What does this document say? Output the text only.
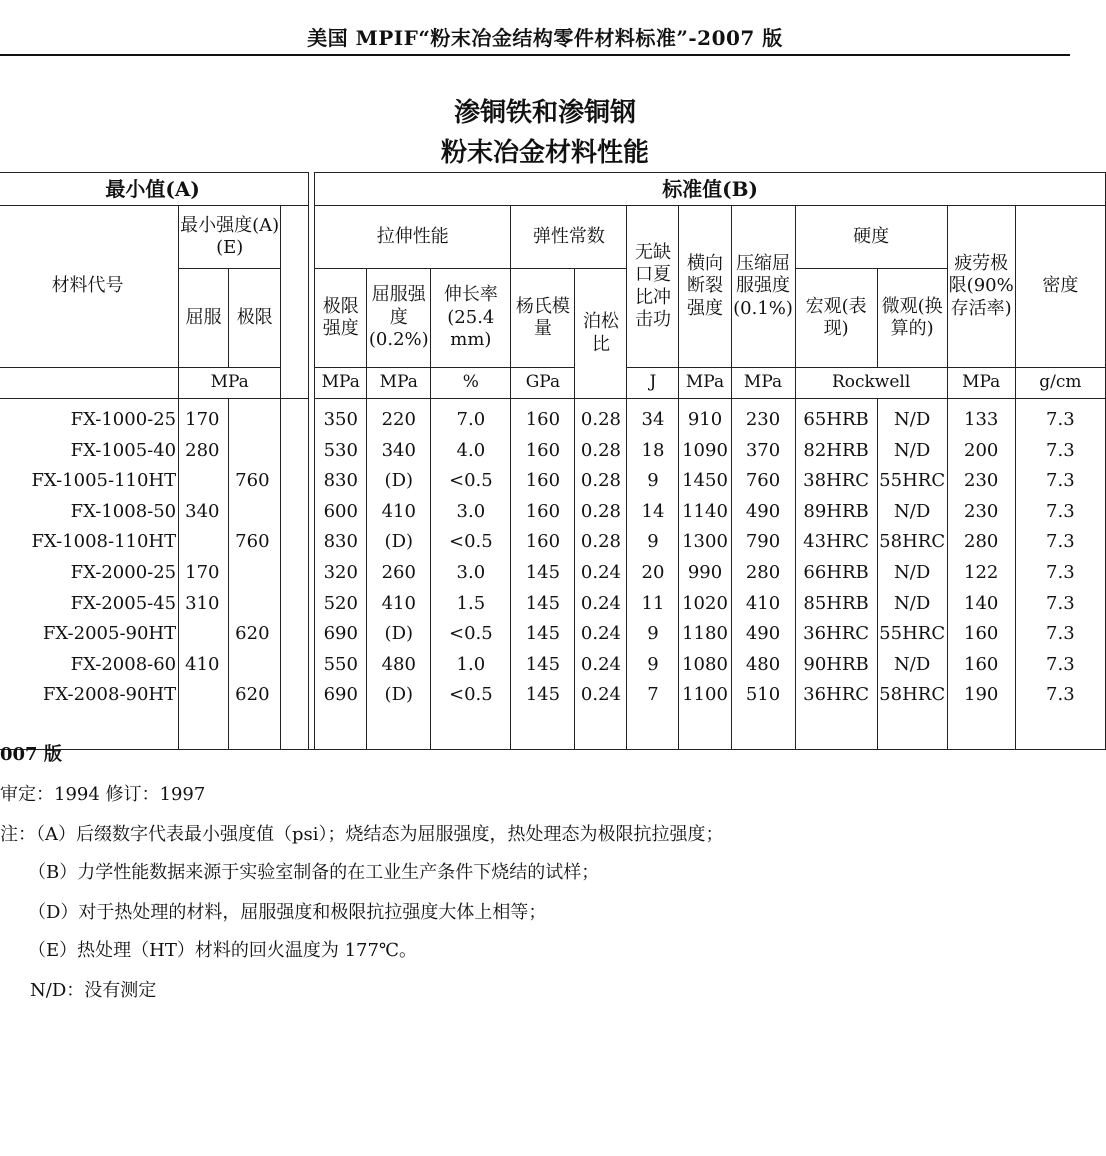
美国 MPIF“粉末冶金结构零件材料标准”-2007 版
渗铜铁和渗铜钢
粉末冶金材料性能
最小值(A)					标准值(B)											
材料代号	最小强度(A)(E)				拉伸性能			弹性常数		无缺口夏比冲击功	横向断裂强度	压缩屈服强度(0.1%)	硬度		疲劳极限(90%存活率)	密度
	屈服	极限			极限强度	屈服强度(0.2%)	伸长率(25.4 mm)	杨氏模量	泊松比				宏观(表现)	微观(换算的)		
	MPa				MPa	MPa	%	GPa		J	MPa	MPa	Rockwell		MPa	g/cm
FX-1000-25	170				350	220	7.0	160	0.28	34	910	230	65HRB	N/D	133	7.3
FX-1005-40	280				530	340	4.0	160	0.28	18	1090	370	82HRB	N/D	200	7.3
FX-1005-110HT		760			830	(D)	<0.5	160	0.28	9	1450	760	38HRC	55HRC	230	7.3
FX-1008-50	340				600	410	3.0	160	0.28	14	1140	490	89HRB	N/D	230	7.3
FX-1008-110HT		760			830	(D)	<0.5	160	0.28	9	1300	790	43HRC	58HRC	280	7.3
FX-2000-25	170				320	260	3.0	145	0.24	20	990	280	66HRB	N/D	122	7.3
FX-2005-45	310				520	410	1.5	145	0.24	11	1020	410	85HRB	N/D	140	7.3
FX-2005-90HT		620			690	(D)	<0.5	145	0.24	9	1180	490	36HRC	55HRC	160	7.3
FX-2008-60	410				550	480	1.0	145	0.24	9	1080	480	90HRB	N/D	160	7.3
FX-2008-90HT		620			690	(D)	<0.5	145	0.24	7	1100	510	36HRC	58HRC	190	7.3

007 版
审定：1994 修订：1997
注：（A）后缀数字代表最小强度值（psi）；烧结态为屈服强度，热处理态为极限抗拉强度；
（B）力学性能数据来源于实验室制备的在工业生产条件下烧结的试样；
（D）对于热处理的材料，屈服强度和极限抗拉强度大体上相等；
（E）热处理（HT）材料的回火温度为 177℃。
N/D：没有测定
